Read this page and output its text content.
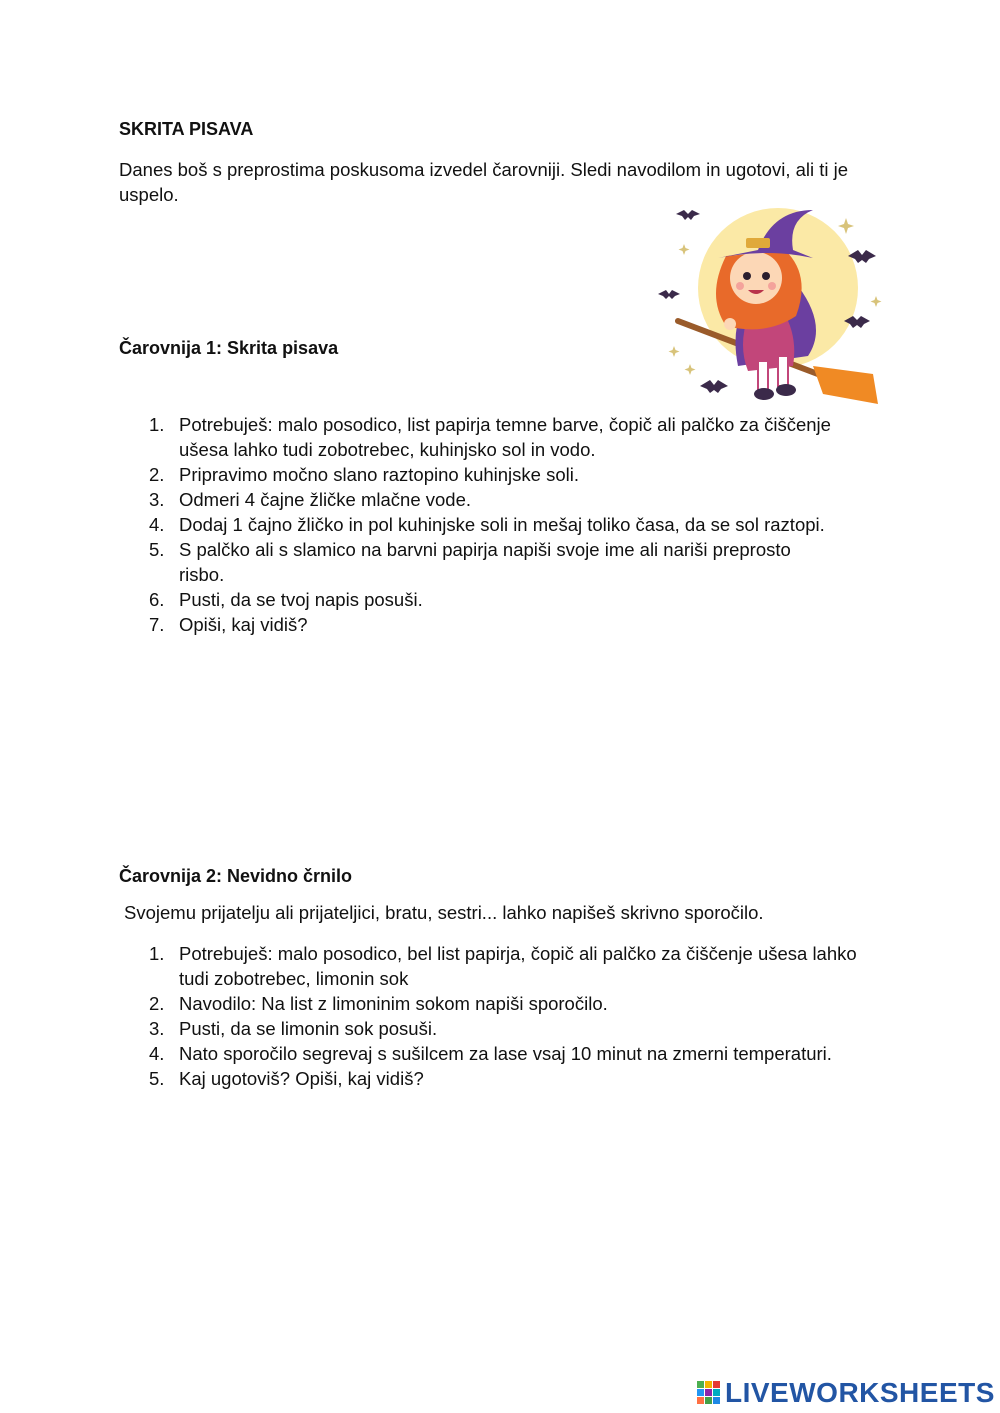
SKRITA PISAVA
Danes boš s preprostima poskusoma izvedel čarovniji. Sledi navodilom in ugotovi, ali ti je uspelo.
Čarovnija 1: Skrita pisava
1. Potrebuješ: malo posodico, list papirja temne barve, čopič ali palčko za čiščenje ušesa lahko tudi zobotrebec, kuhinjsko sol in vodo.
2. Pripravimo močno slano raztopino kuhinjske soli.
3. Odmeri 4 čajne žličke mlačne vode.
4. Dodaj 1 čajno žličko in pol kuhinjske soli in mešaj toliko časa, da se sol raztopi.
5. S palčko ali s slamico na barvni papirja napiši svoje ime ali nariši preprosto risbo.
6. Pusti, da se tvoj napis posuši.
7. Opiši, kaj vidiš?
Čarovnija 2: Nevidno črnilo
Svojemu prijatelju ali prijateljici, bratu, sestri... lahko napišeš skrivno sporočilo.
1. Potrebuješ: malo posodico, bel list papirja, čopič ali palčko za čiščenje ušesa lahko tudi zobotrebec, limonin sok
2. Navodilo: Na list z limoninim sokom napiši sporočilo.
3. Pusti, da se limonin sok posuši.
4. Nato sporočilo segrevaj s sušilcem za lase vsaj 10 minut na zmerni temperaturi.
5. Kaj ugotoviš? Opiši, kaj vidiš?
LIVEWORKSHEETS
